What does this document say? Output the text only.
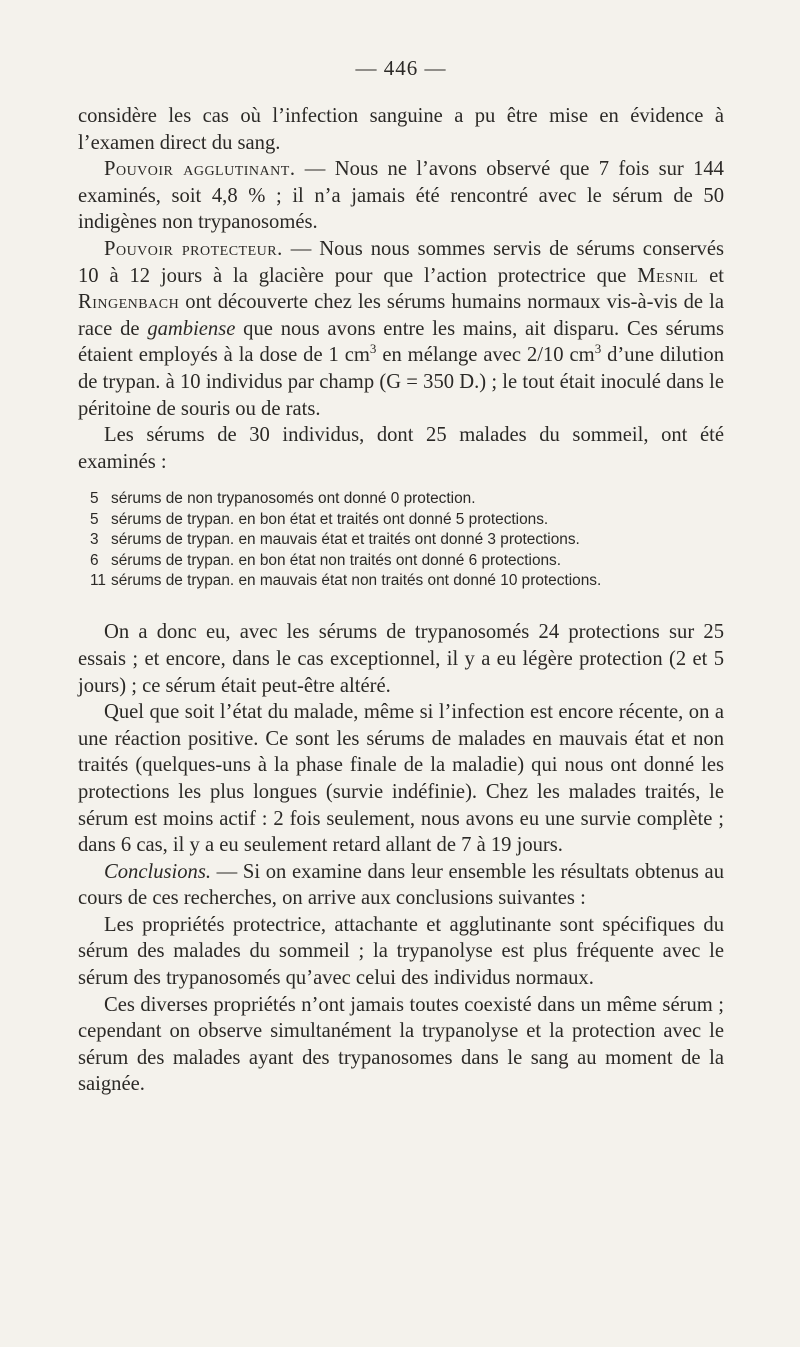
— 446 —

considère les cas où l’infection sanguine a pu être mise en évidence à l’examen direct du sang.

Pouvoir agglutinant. — Nous ne l’avons observé que 7 fois sur 144 examinés, soit 4,8 % ; il n’a jamais été rencontré avec le sérum de 50 indigènes non trypanosomés.

Pouvoir protecteur. — Nous nous sommes servis de sérums conservés 10 à 12 jours à la glacière pour que l’action protectrice que Mesnil et Ringenbach ont découverte chez les sérums humains normaux vis-à-vis de la race de gambiense que nous avons entre les mains, ait disparu. Ces sérums étaient employés à la dose de 1 $cm^3$ en mélange avec 2/10 $cm^3$ d’une dilution de trypan. à 10 individus par champ (G = 350 D.) ; le tout était inoculé dans le péritoine de souris ou de rats.

Les sérums de 30 individus, dont 25 malades du sommeil, ont été examinés :

5 sérums de non trypanosomés ont donné 0 protection.
5 sérums de trypan. en bon état et traités ont donné 5 protections.
3 sérums de trypan. en mauvais état et traités ont donné 3 protections.
6 sérums de trypan. en bon état non traités ont donné 6 protections.
11 sérums de trypan. en mauvais état non traités ont donné 10 protections.

On a donc eu, avec les sérums de trypanosomés 24 protections sur 25 essais ; et encore, dans le cas exceptionnel, il y a eu légère protection (2 et 5 jours) ; ce sérum était peut-être altéré.

Quel que soit l’état du malade, même si l’infection est encore récente, on a une réaction positive. Ce sont les sérums de malades en mauvais état et non traités (quelques-uns à la phase finale de la maladie) qui nous ont donné les protections les plus longues (survie indéfinie). Chez les malades traités, le sérum est moins actif : 2 fois seulement, nous avons eu une survie complète ; dans 6 cas, il y a eu seulement retard allant de 7 à 19 jours.

Conclusions. — Si on examine dans leur ensemble les résultats obtenus au cours de ces recherches, on arrive aux conclusions suivantes :

Les propriétés protectrice, attachante et agglutinante sont spécifiques du sérum des malades du sommeil ; la trypanolyse est plus fréquente avec le sérum des trypanosomés qu’avec celui des individus normaux.

Ces diverses propriétés n’ont jamais toutes coexisté dans un même sérum ; cependant on observe simultanément la trypanolyse et la protection avec le sérum des malades ayant des trypanosomes dans le sang au moment de la saignée.
